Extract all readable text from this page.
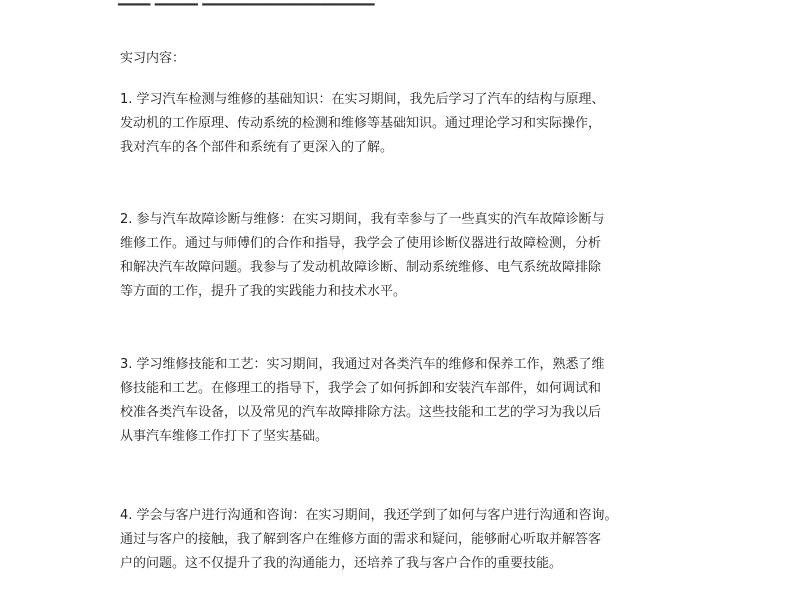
实习内容：

1. 学习汽车检测与维修的基础知识：在实习期间，我先后学习了汽车的结构与原理、
发动机的工作原理、传动系统的检测和维修等基础知识。通过理论学习和实际操作，
我对汽车的各个部件和系统有了更深入的了解。

2. 参与汽车故障诊断与维修：在实习期间，我有幸参与了一些真实的汽车故障诊断与
维修工作。通过与师傅们的合作和指导，我学会了使用诊断仪器进行故障检测，分析
和解决汽车故障问题。我参与了发动机故障诊断、制动系统维修、电气系统故障排除
等方面的工作，提升了我的实践能力和技术水平。

3. 学习维修技能和工艺：实习期间，我通过对各类汽车的维修和保养工作，熟悉了维
修技能和工艺。在修理工的指导下，我学会了如何拆卸和安装汽车部件，如何调试和
校准各类汽车设备，以及常见的汽车故障排除方法。这些技能和工艺的学习为我以后
从事汽车维修工作打下了坚实基础。

4. 学会与客户进行沟通和咨询：在实习期间，我还学到了如何与客户进行沟通和咨询。
通过与客户的接触，我了解到客户在维修方面的需求和疑问，能够耐心听取并解答客
户的问题。这不仅提升了我的沟通能力，还培养了我与客户合作的重要技能。
